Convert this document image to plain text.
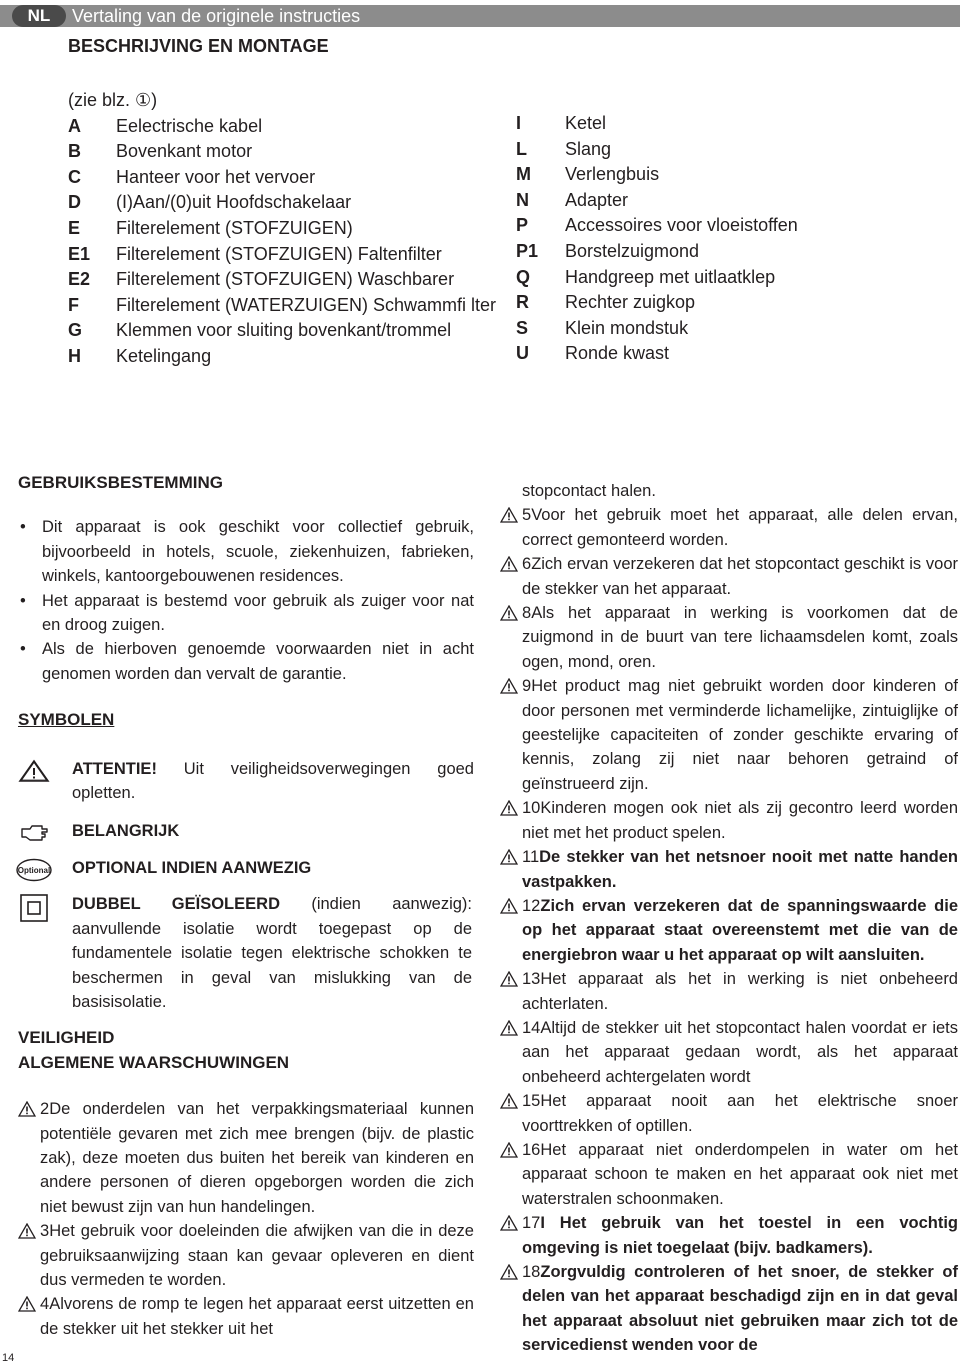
NL	Vertaling van de originele instructies
BESCHRIJVING EN MONTAGE
(zie blz. ①)
A Eelectrische kabel
B Bovenkant motor
C Hanteer voor het vervoer
D (I)Aan/(0)uit Hoofdschakelaar
E Filterelement (STOFZUIGEN)
E1 Filterelement (STOFZUIGEN) Faltenfilter
E2 Filterelement (STOFZUIGEN) Waschbarer
F Filterelement (WATERZUIGEN) Schwammfi lter
G Klemmen voor sluiting bovenkant/trommel
H Ketelingang
I Ketel
L Slang
M Verlengbuis
N Adapter
P Accessoires voor vloeistoffen
P1 Borstelzuigmond
Q Handgreep met uitlaatklep
R Rechter zuigkop
S Klein mondstuk
U Ronde kwast
GEBRUIKSBESTEMMING
• Dit apparaat is ook geschikt voor collectief gebruik, bijvoorbeeld in hotels, scuole, ziekenhuizen, fabrieken, winkels, kantoorgebouwenen residences.
• Het apparaat is bestemd voor gebruik als zuiger voor nat en droog zuigen.
• Als de hierboven genoemde voorwaarden niet in acht genomen worden dan vervalt de garantie.
SYMBOLEN
ATTENTIE! Uit veiligheidsoverwegingen goed opletten.
BELANGRIJK
Optional OPTIONAL INDIEN AANWEZIG
DUBBEL GEÏSOLEERD (indien aanwezig): aanvullende isolatie wordt toegepast op de fundamentele isolatie tegen elektrische schokken te beschermen in geval van mislukking van de basisisolatie.
VEILIGHEID
ALGEMENE WAARSCHUWINGEN
2De onderdelen van het verpakkingsmateriaal kunnen potentiële gevaren met zich mee brengen (bijv. de plastic zak), deze moeten dus buiten het bereik van kinderen en andere personen of dieren opgeborgen worden die zich niet bewust zijn van hun handelingen.
3Het gebruik voor doeleinden die afwijken van die in deze gebruiksaanwijzing staan kan gevaar opleveren en dient dus vermeden te worden.
4Alvorens de romp te legen het apparaat eerst uitzetten en de stekker uit het stekker uit het
stopcontact halen.
5Voor het gebruik moet het apparaat, alle delen ervan, correct gemonteerd worden.
6Zich ervan verzekeren dat het stopcontact geschikt is voor de stekker van het apparaat.
8Als het apparaat in werking is voorkomen dat de zuigmond in de buurt van tere lichaamsdelen komt, zoals ogen, mond, oren.
9Het product mag niet gebruikt worden door kinderen of door personen met verminderde lichamelijke, zintuiglijke of geestelijke capaciteiten of zonder geschikte ervaring of kennis, zolang zij niet naar behoren getraind of geïnstrueerd zijn.
10Kinderen mogen ook niet als zij gecontro leerd worden niet met het product spelen.
11De stekker van het netsnoer nooit met natte handen vastpakken.
12Zich ervan verzekeren dat de spanningswaarde die op het apparaat staat overeenstemt met die van de energiebron waar u het apparaat op wilt aansluiten.
13Het apparaat als het in werking is niet onbeheerd achterlaten.
14Altijd de stekker uit het stopcontact halen voordat er iets aan het apparaat gedaan wordt, als het apparaat onbeheerd achtergelaten wordt
15Het apparaat nooit aan het elektrische snoer voorttrekken of optillen.
16Het apparaat niet onderdompelen in water om het apparaat schoon te maken en het apparaat ook niet met waterstralen schoonmaken.
17I Het gebruik van het toestel in een vochtig omgeving is niet toegelaat (bijv. badkamers).
18Zorgvuldig controleren of het snoer, de stekker of delen van het apparaat beschadigd zijn en in dat geval het apparaat absoluut niet gebruiken maar zich tot de servicedienst wenden voor de
14
